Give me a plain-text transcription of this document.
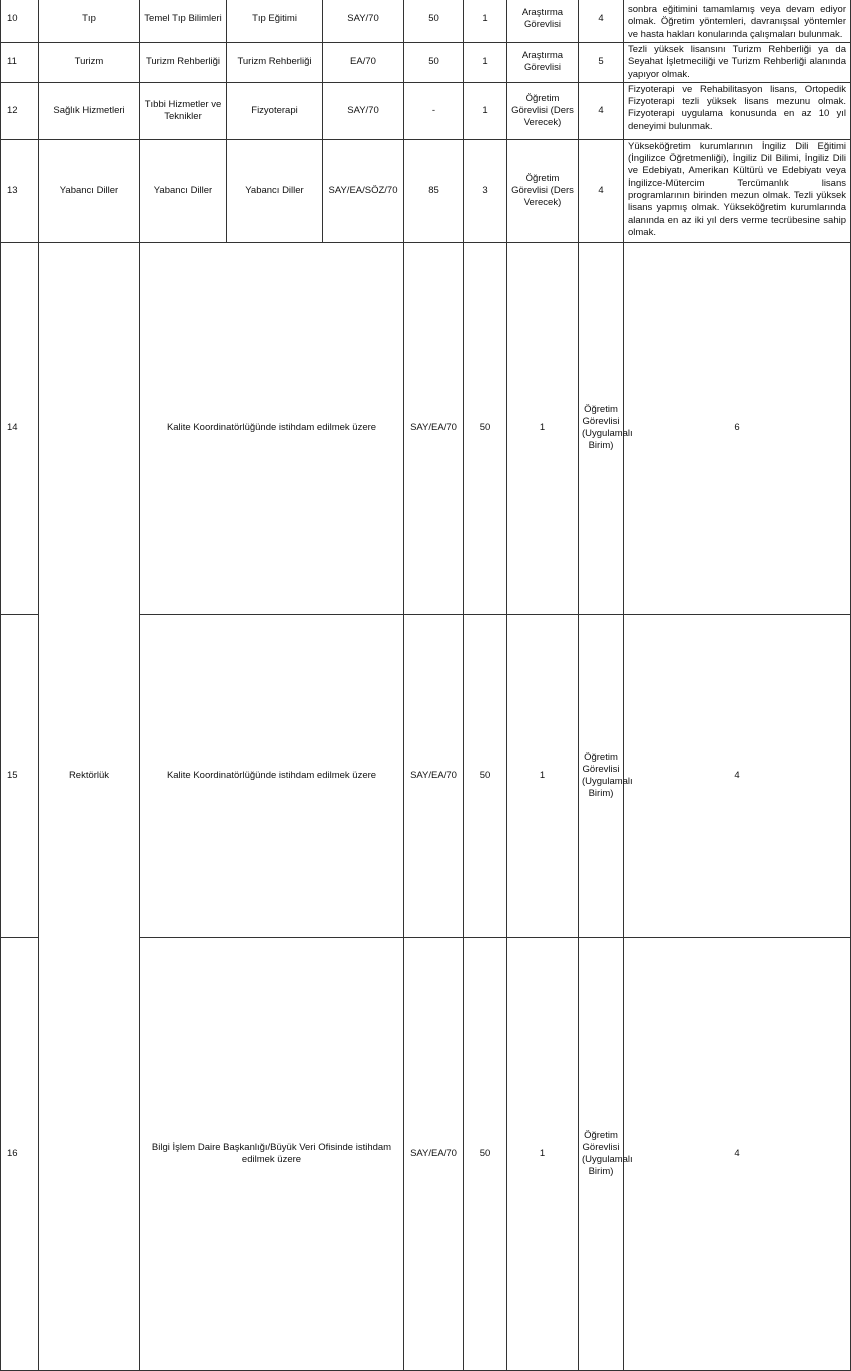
10	Tıp	Temel Tıp Bilimleri	Tıp Eğitimi	SAY/70	50	1	Araştırma Görevlisi	4	sonbrа eğitimini tamamlamış veya devam ediyor olmak. Öğretim yöntemleri, davranışsal yöntemler ve hasta hakları konularında çalışmaları bulunmak.	
11	Turizm	Turizm Rehberliği	Turizm Rehberliği	EA/70	50	1	Araştırma Görevlisi	5	Tezli yüksek lisansını Turizm Rehberliği ya da Seyahat İşletmeciliği ve Turizm Rehberliği alanında yapıyor olmak.	
12	Sağlık Hizmetleri	Tıbbi Hizmetler ve Teknikler	Fizyoterapi	SAY/70	-	1	Öğretim Görevlisi (Ders Verecek)	4	Fizyoterapi ve Rehabilitasyon lisans, Ortopedik Fizyoterapi tezli yüksek lisans mezunu olmak. Fizyoterapi uygulama konusunda en az 10 yıl deneyimi bulunmak.	
13	Yabancı Diller	Yabancı Diller	Yabancı Diller	SAY/EA/SÖZ/70	85	3	Öğretim Görevlisi (Ders Verecek)	4	Yükseköğretim kurumlarının İngiliz Dili Eğitimi (İngilizce Öğretmenliği), İngiliz Dil Bilimi, İngiliz Dili ve Edebiyatı, Amerikan Kültürü ve Edebiyatı veya İngilizce-Mütercim Tercümanlık lisans programlarının birinden mezun olmak. Tezli yüksek lisans yapmış olmak. Yükseköğretim kurumlarında alanında en az iki yıl ders verme tecrübesine sahip olmak.	
14		Kalite Koordinatörlüğünde istihdam edilmek üzere			SAY/EA/70	50	1	Öğretim Görevlisi (Uygulamalı Birim)	6	
15	Rektörlük	Kalite Koordinatörlüğünde istihdam edilmek üzere			SAY/EA/70	50	1	Öğretim Görevlisi (Uygulamalı Birim)	4	
16		Bilgi İşlem Daire Başkanlığı/Büyük Veri Ofisinde istihdam edilmek üzere			SAY/EA/70	50	1	Öğretim Görevlisi (Uygulamalı Birim)	4	
